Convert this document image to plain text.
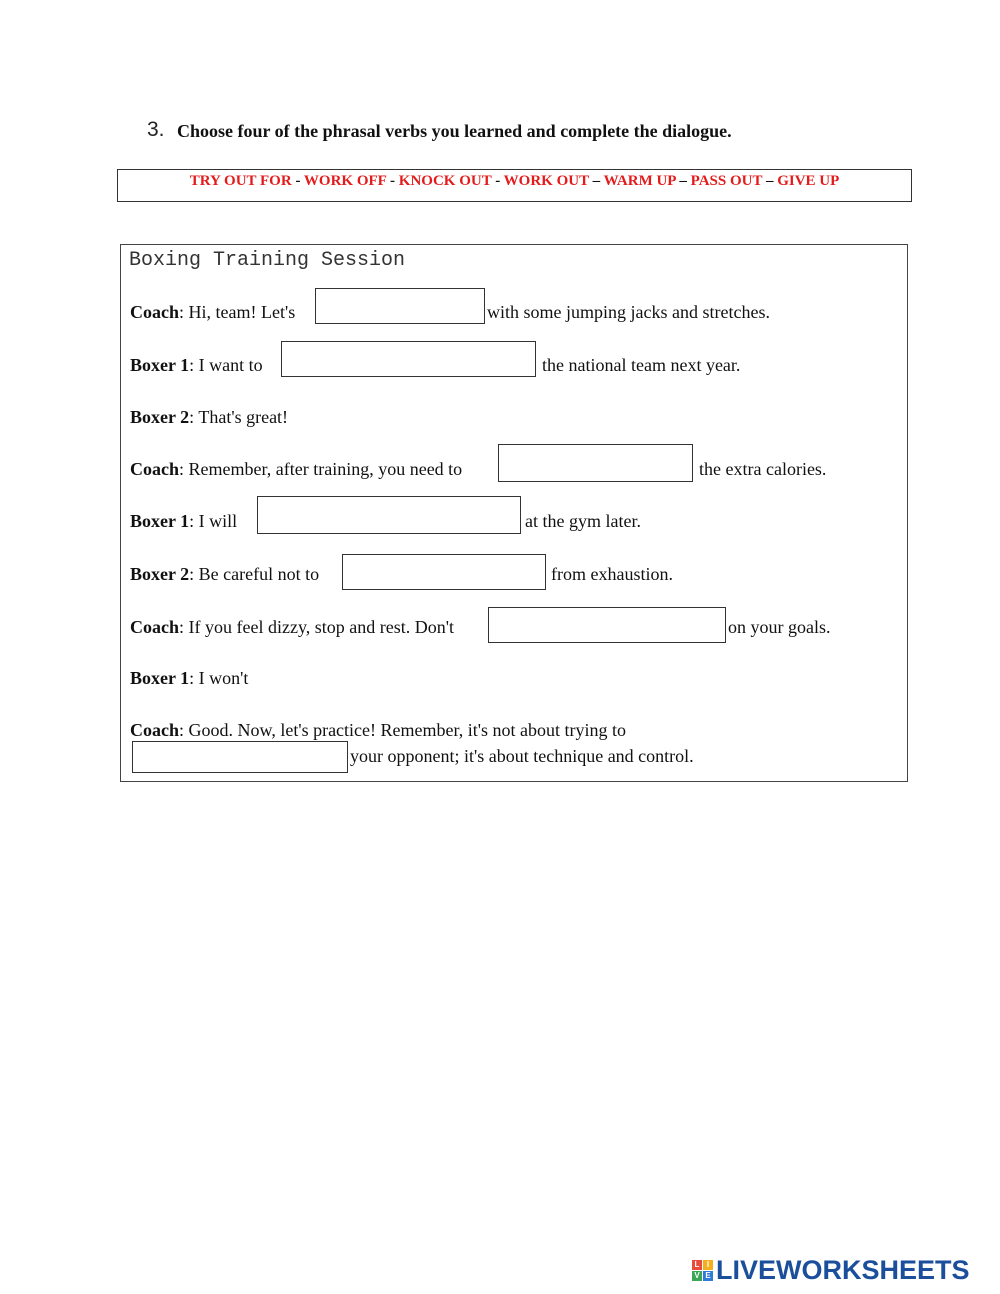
3. Choose four of the phrasal verbs you learned and complete the dialogue.
TRY OUT FOR - WORK OFF - KNOCK OUT - WORK OUT – WARM UP – PASS OUT – GIVE UP
Boxing Training Session
Coach: Hi, team! Let's	with some jumping jacks and stretches.
Boxer 1: I want to	the national team next year.
Boxer 2: That's great!
Coach: Remember, after training, you need to	the extra calories.
Boxer 1: I will	at the gym later.
Boxer 2: Be careful not to	from exhaustion.
Coach: If you feel dizzy, stop and rest. Don't	on your goals.
Boxer 1: I won't
Coach: Good. Now, let's practice! Remember, it's not about trying to
your opponent; it's about technique and control.
L I
V E LIVEWORKSHEETS
